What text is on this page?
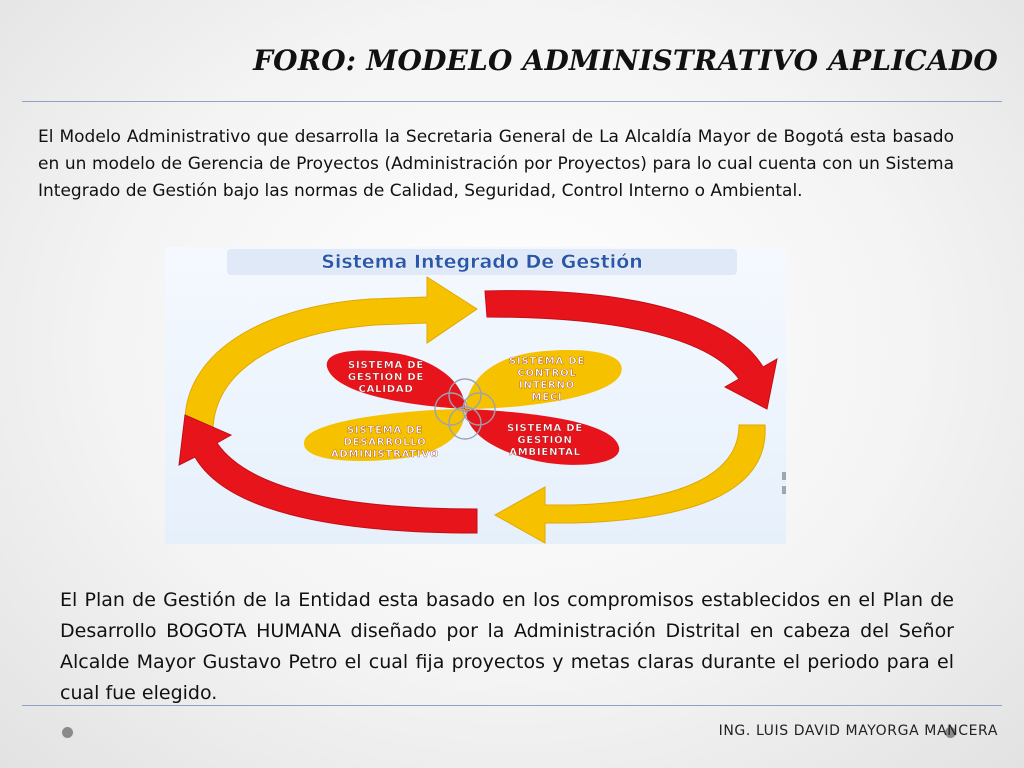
FORO: MODELO ADMINISTRATIVO APLICADO
El Modelo Administrativo que desarrolla la Secretaria General de La Alcaldía Mayor de Bogotá esta basado en un modelo de Gerencia de Proyectos (Administración por Proyectos) para lo cual cuenta con un Sistema Integrado de Gestión bajo las normas de Calidad, Seguridad, Control Interno o Ambiental.
Sistema Integrado De Gestión
SISTEMA DE
GESTIÓN DE
CALIDAD
SISTEMA DE
CONTROL
INTERNO
MECI
SISTEMA DE
DESARROLLO
ADMINISTRATIVO
SISTEMA DE
GESTIÓN
AMBIENTAL
El Plan de Gestión de la Entidad esta basado en los compromisos establecidos en el Plan de Desarrollo BOGOTA HUMANA diseñado por la Administración Distrital en cabeza del Señor Alcalde Mayor Gustavo Petro el cual fija proyectos y metas claras durante el periodo para el cual fue elegido.
ING. LUIS DAVID MAYORGA MANCERA
